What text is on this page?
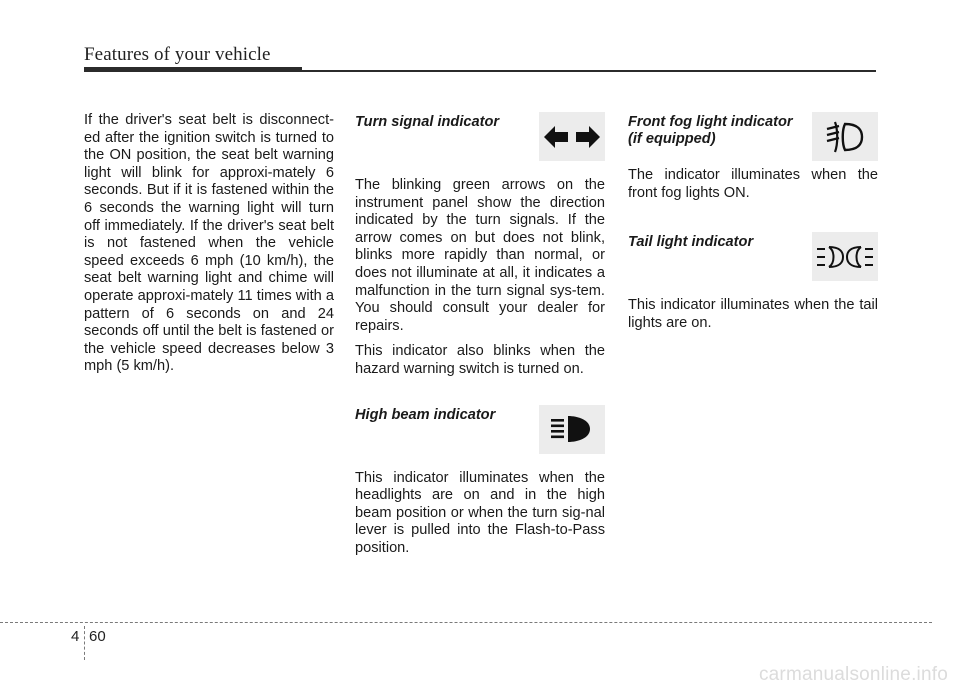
Features of your vehicle

If the driver's seat belt is disconnect-ed after the ignition switch is turned to the ON position, the seat belt warning light will blink for approxi-mately 6 seconds. But if it is fastened within the 6 seconds the warning light will turn off immediately. If the driver's seat belt is not fastened when the vehicle speed exceeds 6 mph (10 km/h), the seat belt warning light and chime will operate approxi-mately 11 times with a pattern of 6 seconds on and 24 seconds off until the belt is fastened or the vehicle speed decreases below 3 mph (5 km/h).

Turn signal indicator

The blinking green arrows on the instrument panel show the direction indicated by the turn signals. If the arrow comes on but does not blink, blinks more rapidly than normal, or does not illuminate at all, it indicates a malfunction in the turn signal sys-tem. You should consult your dealer for repairs.

This indicator also blinks when the hazard warning switch is turned on.

High beam indicator

This indicator illuminates when the headlights are on and in the high beam position or when the turn sig-nal lever is pulled into the Flash-to-Pass position.

Front fog light indicator
(if equipped)

The indicator illuminates when the front fog lights ON.

Tail light indicator

This indicator illuminates when the tail lights are on.

4 60
carmanualsonline.info
